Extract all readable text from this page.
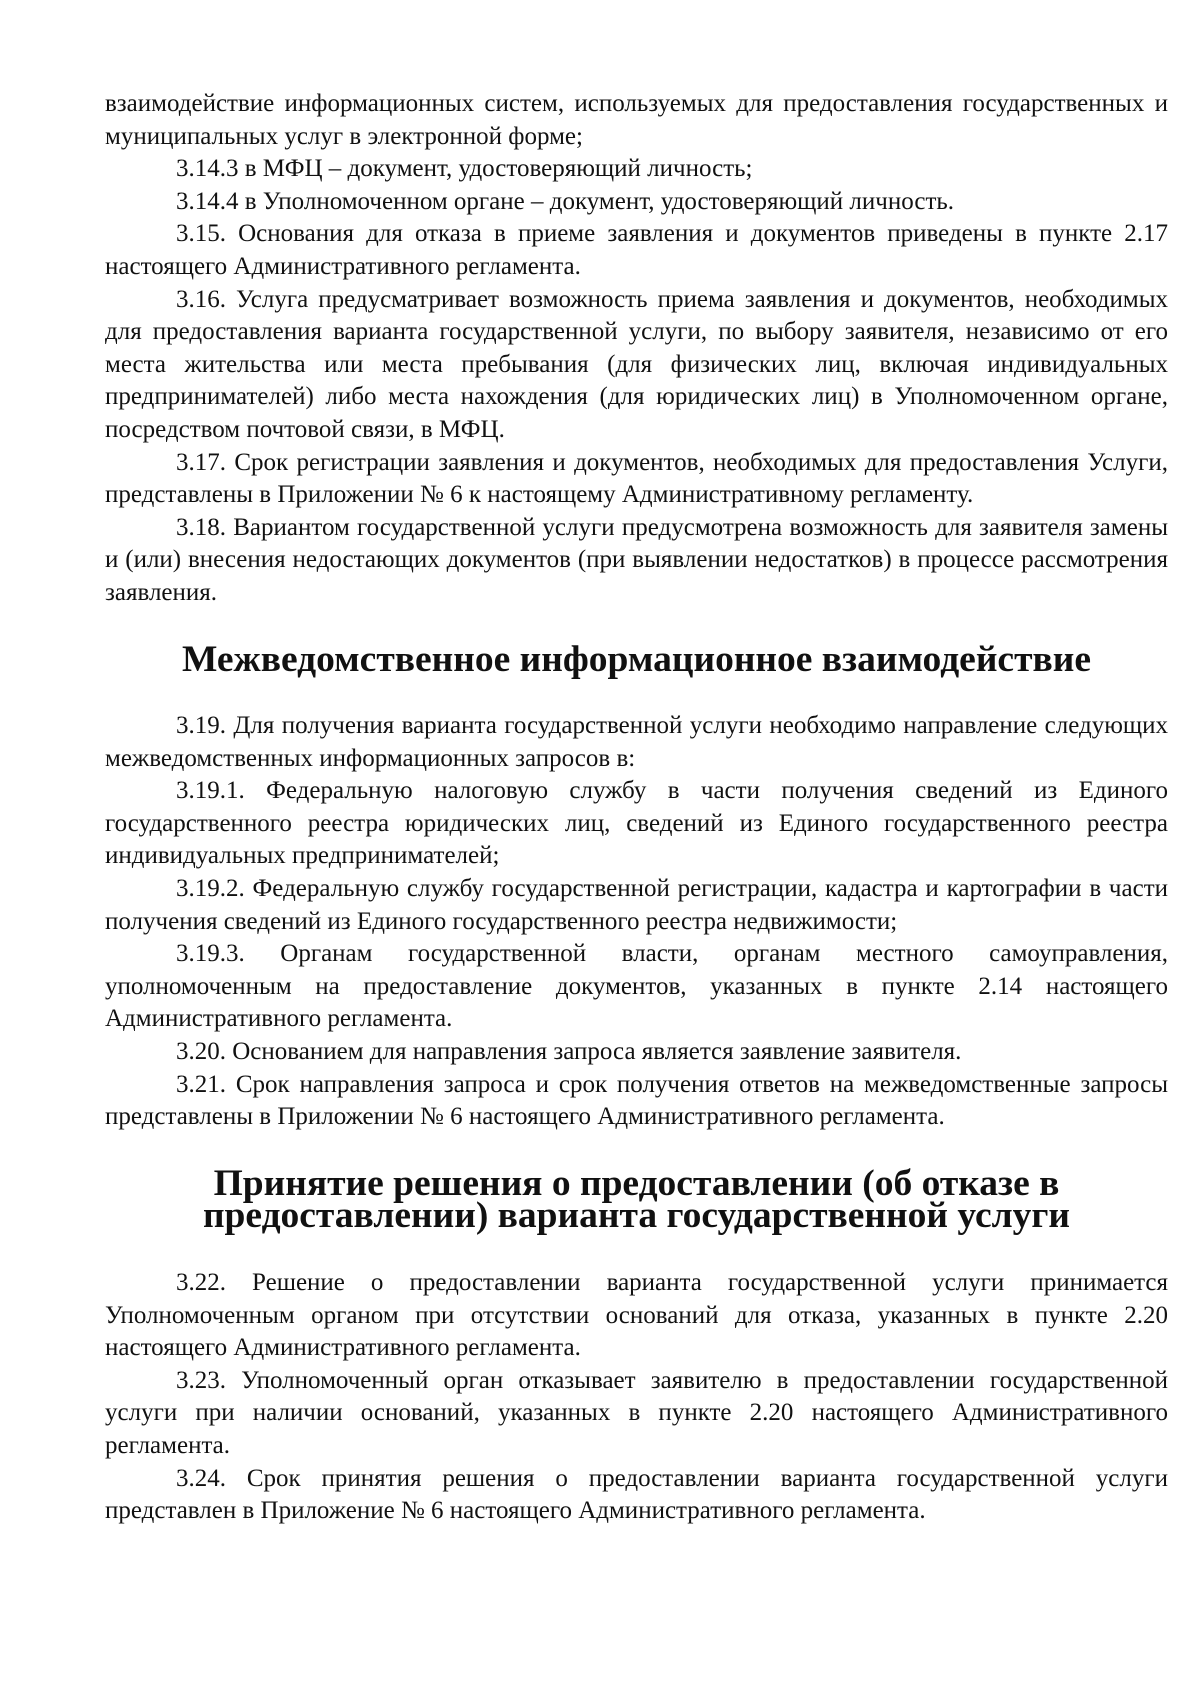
взаимодействие информационных систем, используемых для предоставления государственных и муниципальных услуг в электронной форме;

3.14.3 в МФЦ – документ, удостоверяющий личность;

3.14.4 в Уполномоченном органе – документ, удостоверяющий личность.

3.15. Основания для отказа в приеме заявления и документов приведены в пункте 2.17 настоящего Административного регламента.

3.16. Услуга предусматривает возможность приема заявления и документов, необходимых для предоставления варианта государственной услуги, по выбору заявителя, независимо от его места жительства или места пребывания (для физических лиц, включая индивидуальных предпринимателей) либо места нахождения (для юридических лиц) в Уполномоченном органе, посредством почтовой связи, в МФЦ.

3.17. Срок регистрации заявления и документов, необходимых для предоставления Услуги, представлены в Приложении № 6 к настоящему Административному регламенту.

3.18. Вариантом государственной услуги предусмотрена возможность для заявителя замены и (или) внесения недостающих документов (при выявлении недостатков) в процессе рассмотрения заявления.

Межведомственное информационное взаимодействие

3.19. Для получения варианта государственной услуги необходимо направление следующих межведомственных информационных запросов в:

3.19.1. Федеральную налоговую службу в части получения сведений из Единого государственного реестра юридических лиц, сведений из Единого государственного реестра индивидуальных предпринимателей;

3.19.2. Федеральную службу государственной регистрации, кадастра и картографии в части получения сведений из Единого государственного реестра недвижимости;

3.19.3. Органам государственной власти, органам местного самоуправления, уполномоченным на предоставление документов, указанных в пункте 2.14 настоящего Административного регламента.

3.20. Основанием для направления запроса является заявление заявителя.

3.21. Срок направления запроса и срок получения ответов на межведомственные запросы представлены в Приложении № 6 настоящего Административного регламента.

Принятие решения о предоставлении (об отказе в предоставлении) варианта государственной услуги

3.22. Решение о предоставлении варианта государственной услуги принимается Уполномоченным органом при отсутствии оснований для отказа, указанных в пункте 2.20 настоящего Административного регламента.

3.23. Уполномоченный орган отказывает заявителю в предоставлении государственной услуги при наличии оснований, указанных в пункте 2.20 настоящего Административного регламента.

3.24. Срок принятия решения о предоставлении варианта государственной услуги представлен в Приложение № 6 настоящего Административного регламента.
